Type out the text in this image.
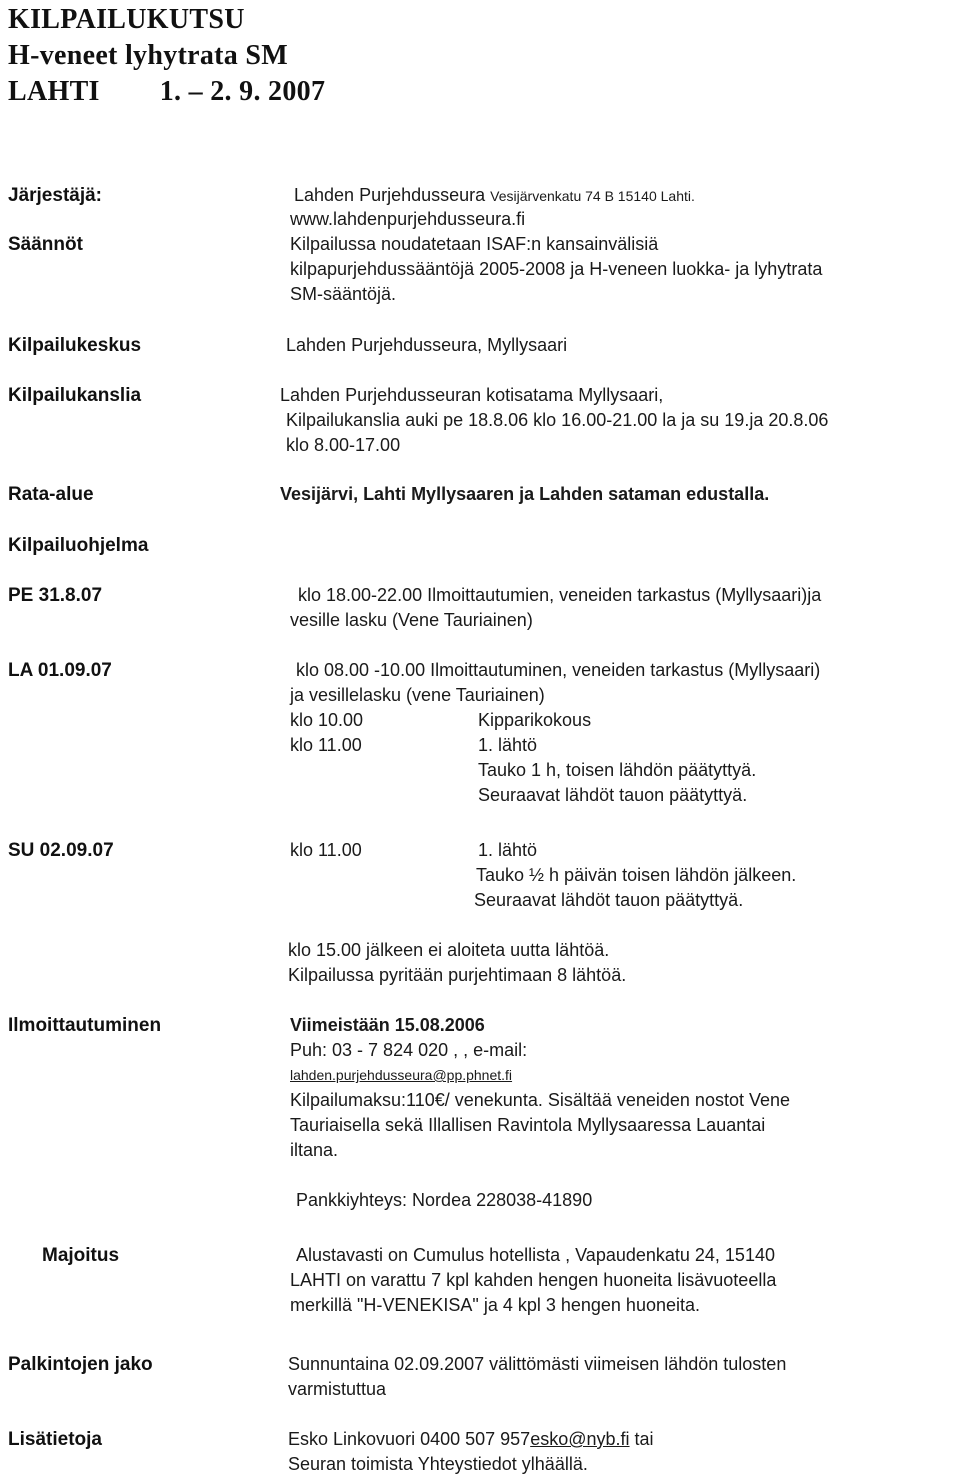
KILPAILUKUTSU
H-veneet lyhytrata SM
LAHTI 1. – 2. 9. 2007
Järjestäjä:	Lahden Purjehdusseura Vesijärvenkatu 74 B 15140 Lahti.
www.lahdenpurjehdusseura.fi
Säännöt	Kilpailussa noudatetaan ISAF:n kansainvälisiä
kilpapurjehdussääntöjä 2005-2008 ja H-veneen luokka- ja lyhytrata
SM-sääntöjä.
Kilpailukeskus	Lahden Purjehdusseura, Myllysaari
Kilpailukanslia	Lahden Purjehdusseuran kotisatama Myllysaari,
Kilpailukanslia auki pe 18.8.06 klo 16.00-21.00 la ja su 19.ja 20.8.06
klo 8.00-17.00
Rata-alue	Vesijärvi, Lahti Myllysaaren ja Lahden sataman edustalla.
Kilpailuohjelma
PE 31.8.07	klo 18.00-22.00 Ilmoittautumien, veneiden tarkastus (Myllysaari)ja
vesille lasku (Vene Tauriainen)
LA 01.09.07	klo 08.00 -10.00 Ilmoittautuminen, veneiden tarkastus (Myllysaari)
ja vesillelasku (vene Tauriainen)
klo 10.00	Kipparikokous
klo 11.00	1. lähtö
Tauko 1 h, toisen lähdön päätyttyä.
Seuraavat lähdöt tauon päätyttyä.
SU 02.09.07	klo 11.00	1. lähtö
Tauko ½ h päivän toisen lähdön jälkeen.
Seuraavat lähdöt tauon päätyttyä.
klo 15.00 jälkeen ei aloiteta uutta lähtöä.
Kilpailussa pyritään purjehtimaan 8 lähtöä.
Ilmoittautuminen	Viimeistään 15.08.2006
Puh: 03 - 7 824 020 , , e-mail:
lahden.purjehdusseura@pp.phnet.fi
Kilpailumaksu:110€/ venekunta. Sisältää veneiden nostot Vene
Tauriaisella sekä Illallisen Ravintola Myllysaaressa Lauantai
iltana.
Pankkiyhteys: Nordea 228038-41890
Majoitus	Alustavasti on Cumulus hotellista , Vapaudenkatu 24, 15140
LAHTI on varattu 7 kpl kahden hengen huoneita lisävuoteella
merkillä "H-VENEKISA" ja 4 kpl 3 hengen huoneita.
Palkintojen jako	Sunnuntaina 02.09.2007 välittömästi viimeisen lähdön tulosten
varmistuttua
Lisätietoja	Esko Linkovuori 0400 507 957esko@nyb.fi tai
Seuran toimista Yhteystiedot ylhäällä.
